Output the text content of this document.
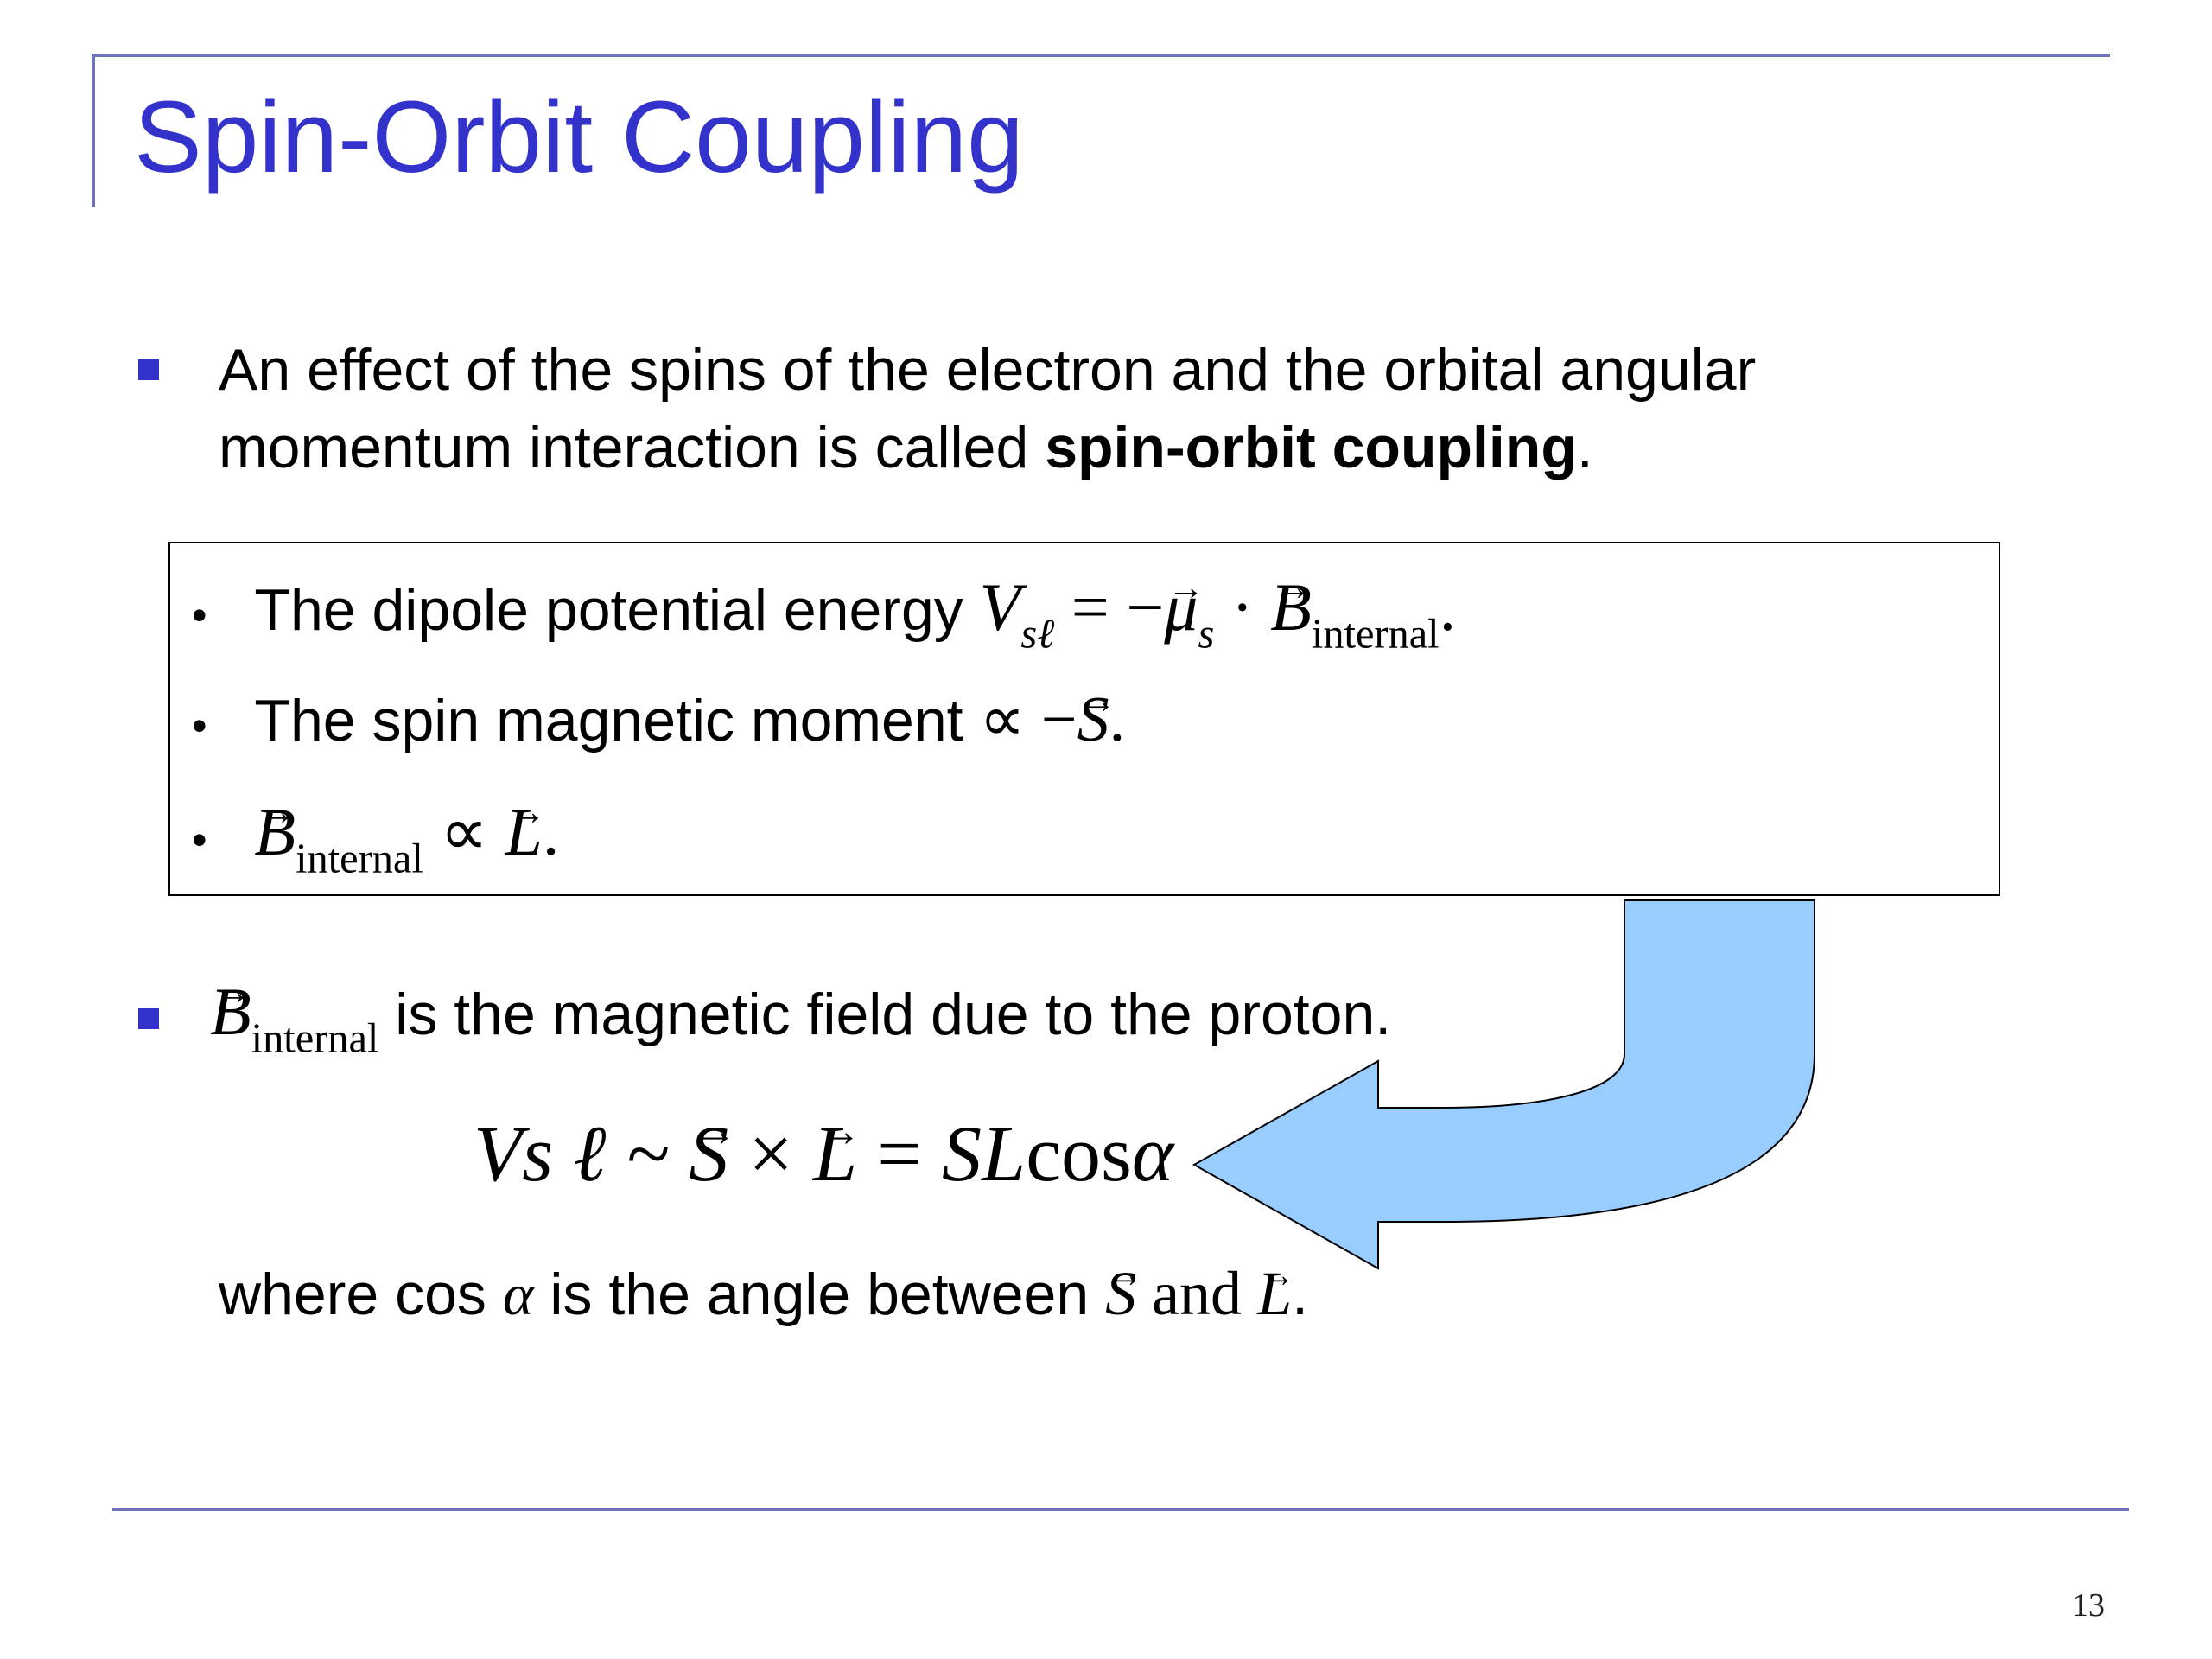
Spin-Orbit Coupling
An effect of the spins of the electron and the orbital angular
momentum interaction is called spin-orbit coupling.
• The dipole potential energy $V_{s\ell}$ = −→ $\mu_s$ · → $B_{internal}$.
• The spin magnetic moment ∝ −→ S.
• → $B_{internal}$ ∝ → L.
→ $B_{internal}$ is the magnetic field due to the proton.
Vs ℓ ~ → S × → L = SLcosα
where cos α is the angle between → S and → L.
13
